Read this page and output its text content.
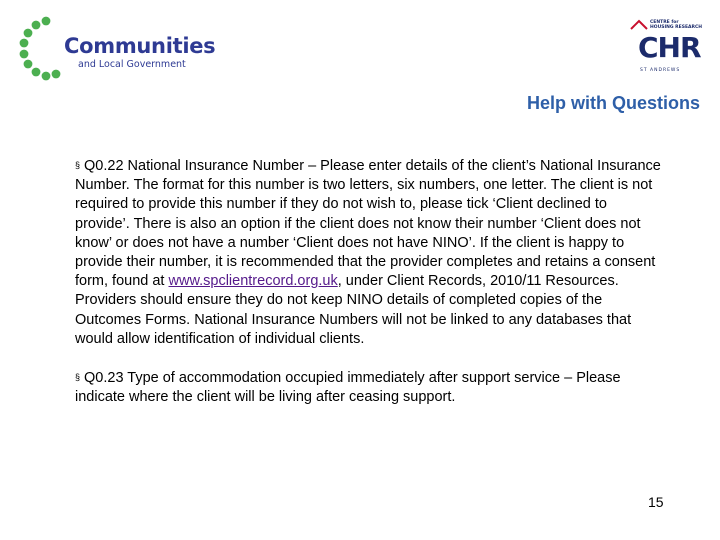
Communities
and Local Government
CENTRE for
HOUSING RESEARCH
CHR
ST ANDREWS
Help with Questions

§ Q0.22 National Insurance Number – Please enter details of the client’s National Insurance Number. The format for this number is two letters, six numbers, one letter. The client is not required to provide this number if they do not wish to, please tick ‘Client declined to provide’. There is also an option if the client does not know their number ‘Client does not know’ or does not have a number ‘Client does not have NINO’. If the client is happy to provide their number, it is recommended that the provider completes and retains a consent form, found at www.spclientrecord.org.uk, under Client Records, 2010/11 Resources. Providers should ensure they do not keep NINO details of completed copies of the Outcomes Forms. National Insurance Numbers will not be linked to any databases that would allow identification of individual clients.

§ Q0.23 Type of accommodation occupied immediately after support service – Please indicate where the client will be living after ceasing support.

15
